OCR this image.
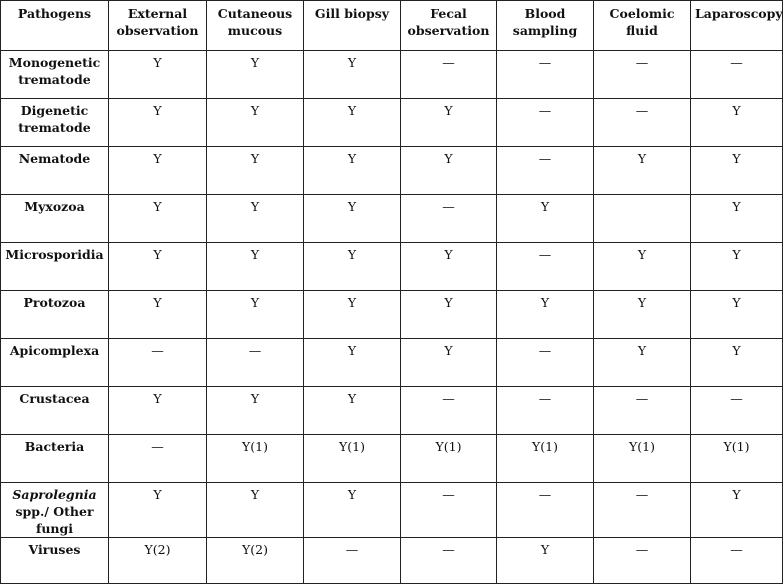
Pathogens	External observation	Cutaneous mucous	Gill biopsy	Fecal observation	Blood sampling	Coelomic fluid	Laparoscopy
Monogenetic trematode	Y	Y	Y	—	—	—	—
Digenetic trematode	Y	Y	Y	Y	—	—	Y
Nematode	Y	Y	Y	Y	—	Y	Y
Myxozoa	Y	Y	Y	—	Y		Y
Microsporidia	Y	Y	Y	Y	—	Y	Y
Protozoa	Y	Y	Y	Y	Y	Y	Y
Apicomplexa	—	—	Y	Y	—	Y	Y
Crustacea	Y	Y	Y	—	—	—	—
Bacteria	—	Y(1)	Y(1)	Y(1)	Y(1)	Y(1)	Y(1)
Saprolegnia spp./ Other fungi	Y	Y	Y	—	—	—	Y
Viruses	Y(2)	Y(2)	—	—	Y	—	—
